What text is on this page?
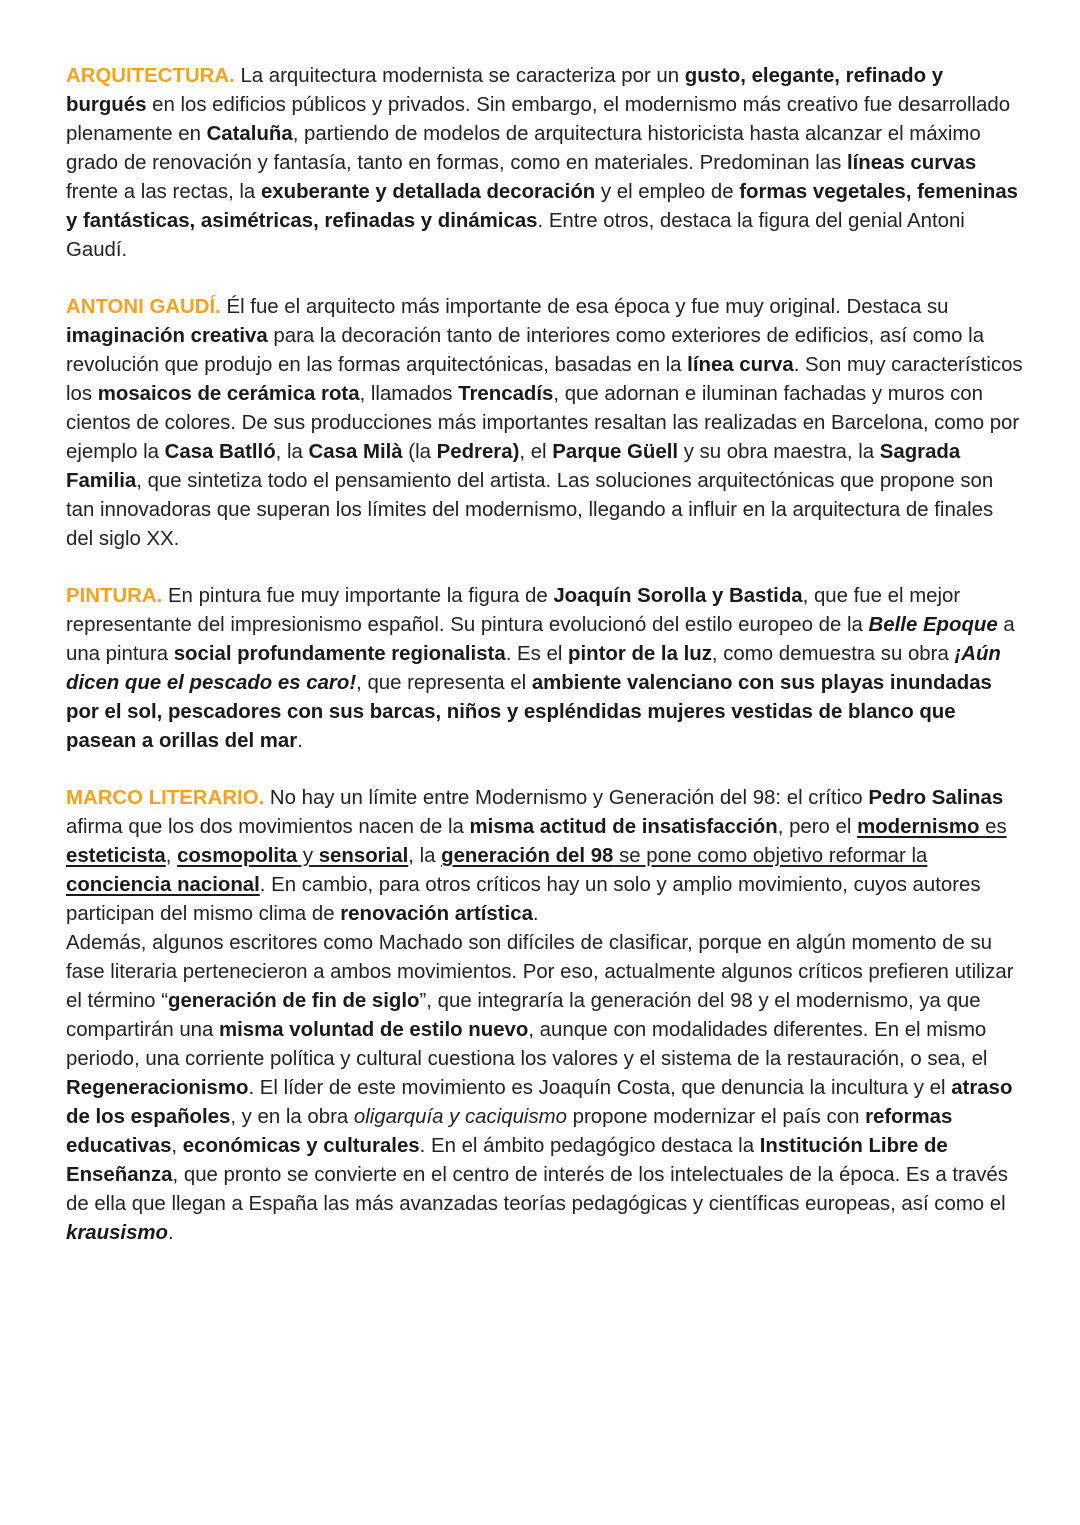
ARQUITECTURA. La arquitectura modernista se caracteriza por un gusto, elegante, refinado y burgués en los edificios públicos y privados. Sin embargo, el modernismo más creativo fue desarrollado plenamente en Cataluña, partiendo de modelos de arquitectura historicista hasta alcanzar el máximo grado de renovación y fantasía, tanto en formas, como en materiales. Predominan las líneas curvas frente a las rectas, la exuberante y detallada decoración y el empleo de formas vegetales, femeninas y fantásticas, asimétricas, refinadas y dinámicas. Entre otros, destaca la figura del genial Antoni Gaudí.

ANTONI GAUDÍ. Él fue el arquitecto más importante de esa época y fue muy original. Destaca su imaginación creativa para la decoración tanto de interiores como exteriores de edificios, así como la revolución que produjo en las formas arquitectónicas, basadas en la línea curva. Son muy característicos los mosaicos de cerámica rota, llamados Trencadís, que adornan e iluminan fachadas y muros con cientos de colores. De sus producciones más importantes resaltan las realizadas en Barcelona, como por ejemplo la Casa Batlló, la Casa Milà (la Pedrera), el Parque Güell y su obra maestra, la Sagrada Familia, que sintetiza todo el pensamiento del artista. Las soluciones arquitectónicas que propone son tan innovadoras que superan los límites del modernismo, llegando a influir en la arquitectura de finales del siglo XX.

PINTURA. En pintura fue muy importante la figura de Joaquín Sorolla y Bastida, que fue el mejor representante del impresionismo español. Su pintura evolucionó del estilo europeo de la Belle Epoque a una pintura social profundamente regionalista. Es el pintor de la luz, como demuestra su obra ¡Aún dicen que el pescado es caro!, que representa el ambiente valenciano con sus playas inundadas por el sol, pescadores con sus barcas, niños y espléndidas mujeres vestidas de blanco que pasean a orillas del mar.

MARCO LITERARIO. No hay un límite entre Modernismo y Generación del 98: el crítico Pedro Salinas afirma que los dos movimientos nacen de la misma actitud de insatisfacción, pero el modernismo es esteticista, cosmopolita y sensorial, la generación del 98 se pone como objetivo reformar la conciencia nacional. En cambio, para otros críticos hay un solo y amplio movimiento, cuyos autores participan del mismo clima de renovación artística.

Además, algunos escritores como Machado son difíciles de clasificar, porque en algún momento de su fase literaria pertenecieron a ambos movimientos. Por eso, actualmente algunos críticos prefieren utilizar el término “generación de fin de siglo”, que integraría la generación del 98 y el modernismo, ya que compartirán una misma voluntad de estilo nuevo, aunque con modalidades diferentes. En el mismo periodo, una corriente política y cultural cuestiona los valores y el sistema de la restauración, o sea, el Regeneracionismo. El líder de este movimiento es Joaquín Costa, que denuncia la incultura y el atraso de los españoles, y en la obra oligarquía y caciquismo propone modernizar el país con reformas educativas, económicas y culturales. En el ámbito pedagógico destaca la Institución Libre de Enseñanza, que pronto se convierte en el centro de interés de los intelectuales de la época. Es a través de ella que llegan a España las más avanzadas teorías pedagógicas y científicas europeas, así como el krausismo.
